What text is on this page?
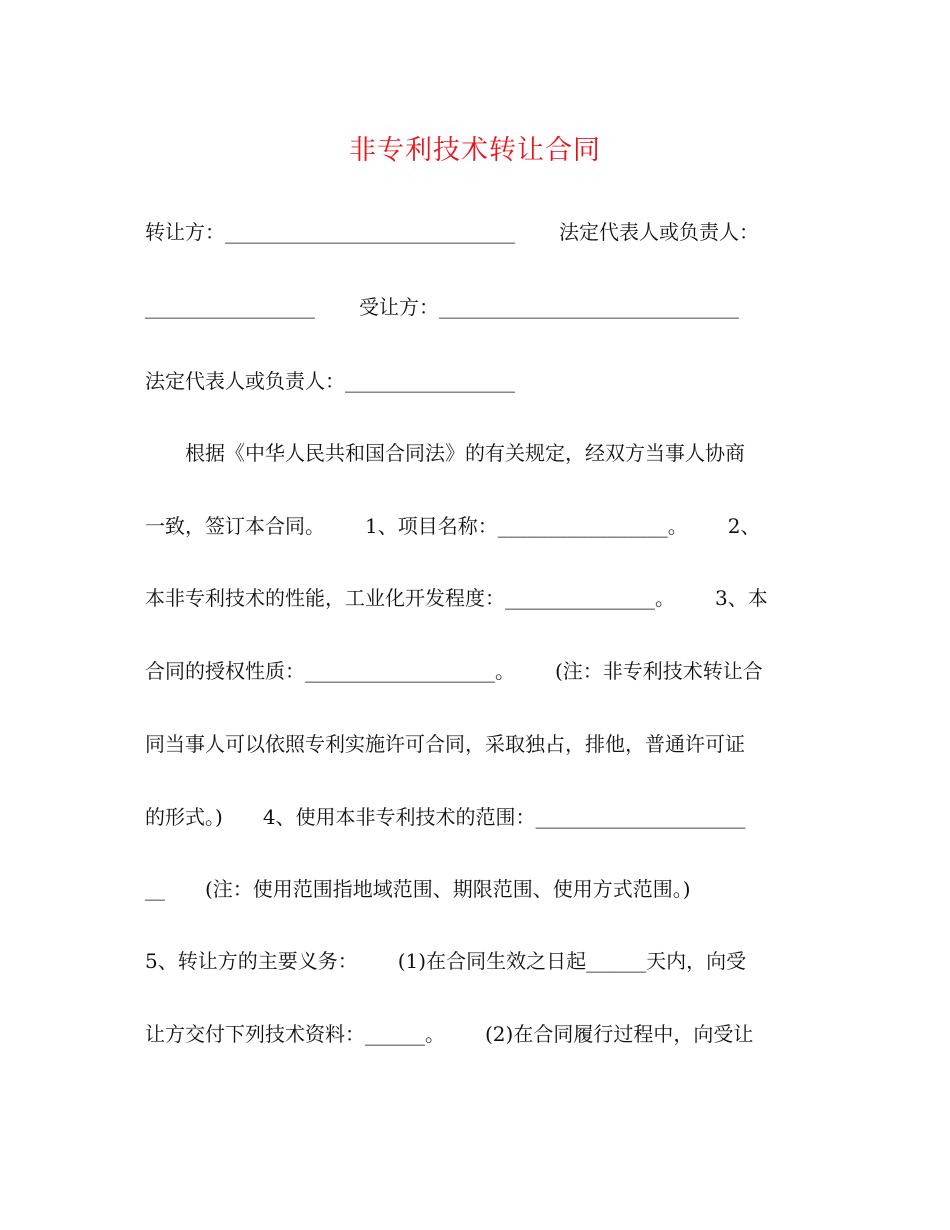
非专利技术转让合同
转让方：_____________________________ 法定代表人或负责人：
_________________ 受让方：______________________________
法定代表人或负责人：_________________
　　根据《中华人民共和国合同法》的有关规定，经双方当事人协商
一致，签订本合同。 1、项目名称：_________________。 2、
本非专利技术的性能，工业化开发程度：_______________。 3、本
合同的授权性质：___________________。 (注：非专利技术转让合
同当事人可以依照专利实施许可合同，采取独占，排他，普通许可证
的形式。) 4、使用本非专利技术的范围：_____________________
__ (注：使用范围指地域范围、期限范围、使用方式范围。)
5、转让方的主要义务： (1)在合同生效之日起______天内，向受
让方交付下列技术资料：______。 (2)在合同履行过程中，向受让
